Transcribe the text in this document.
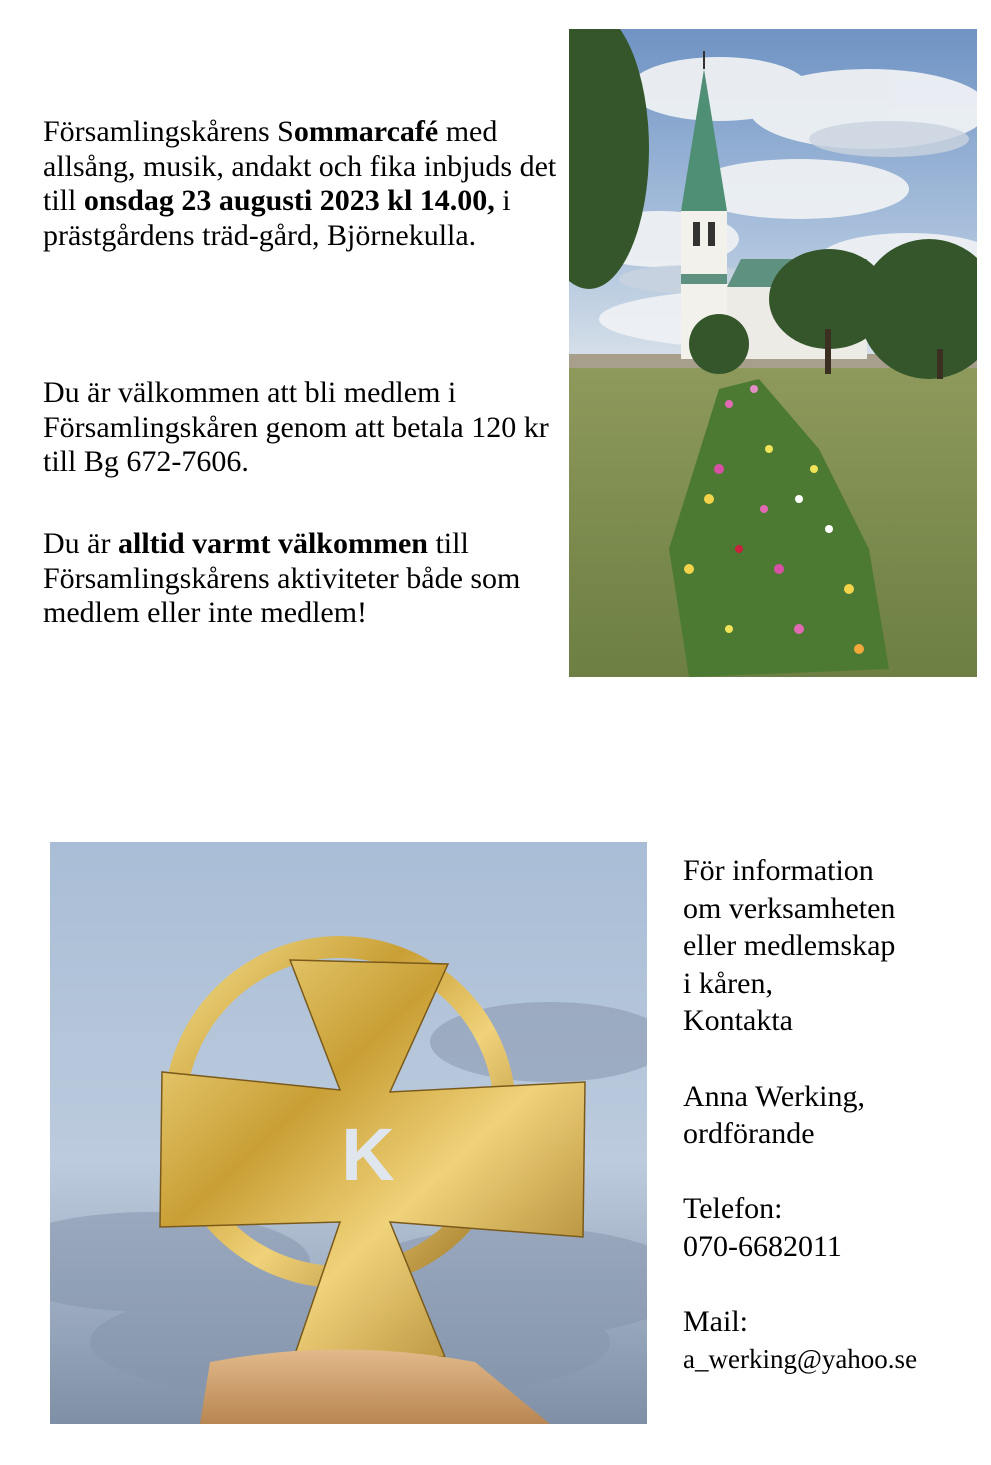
Församlingskårens Sommarcafé med allsång, musik, andakt och fika inbjuds det till onsdag 23 augusti 2023 kl 14.00, i prästgårdens träd-gård, Björnekulla.

Du är välkommen att bli medlem i Församlingskåren genom att betala 120 kr till Bg 672-7606.

Du är alltid varmt välkommen till Församlingskårens aktiviteter både som medlem eller inte medlem!

K

För information

om verksamheten

eller medlemskap

i kåren,

Kontakta

Anna Werking,

ordförande

Telefon:

070-6682011

Mail:

a_werking@yahoo.se
